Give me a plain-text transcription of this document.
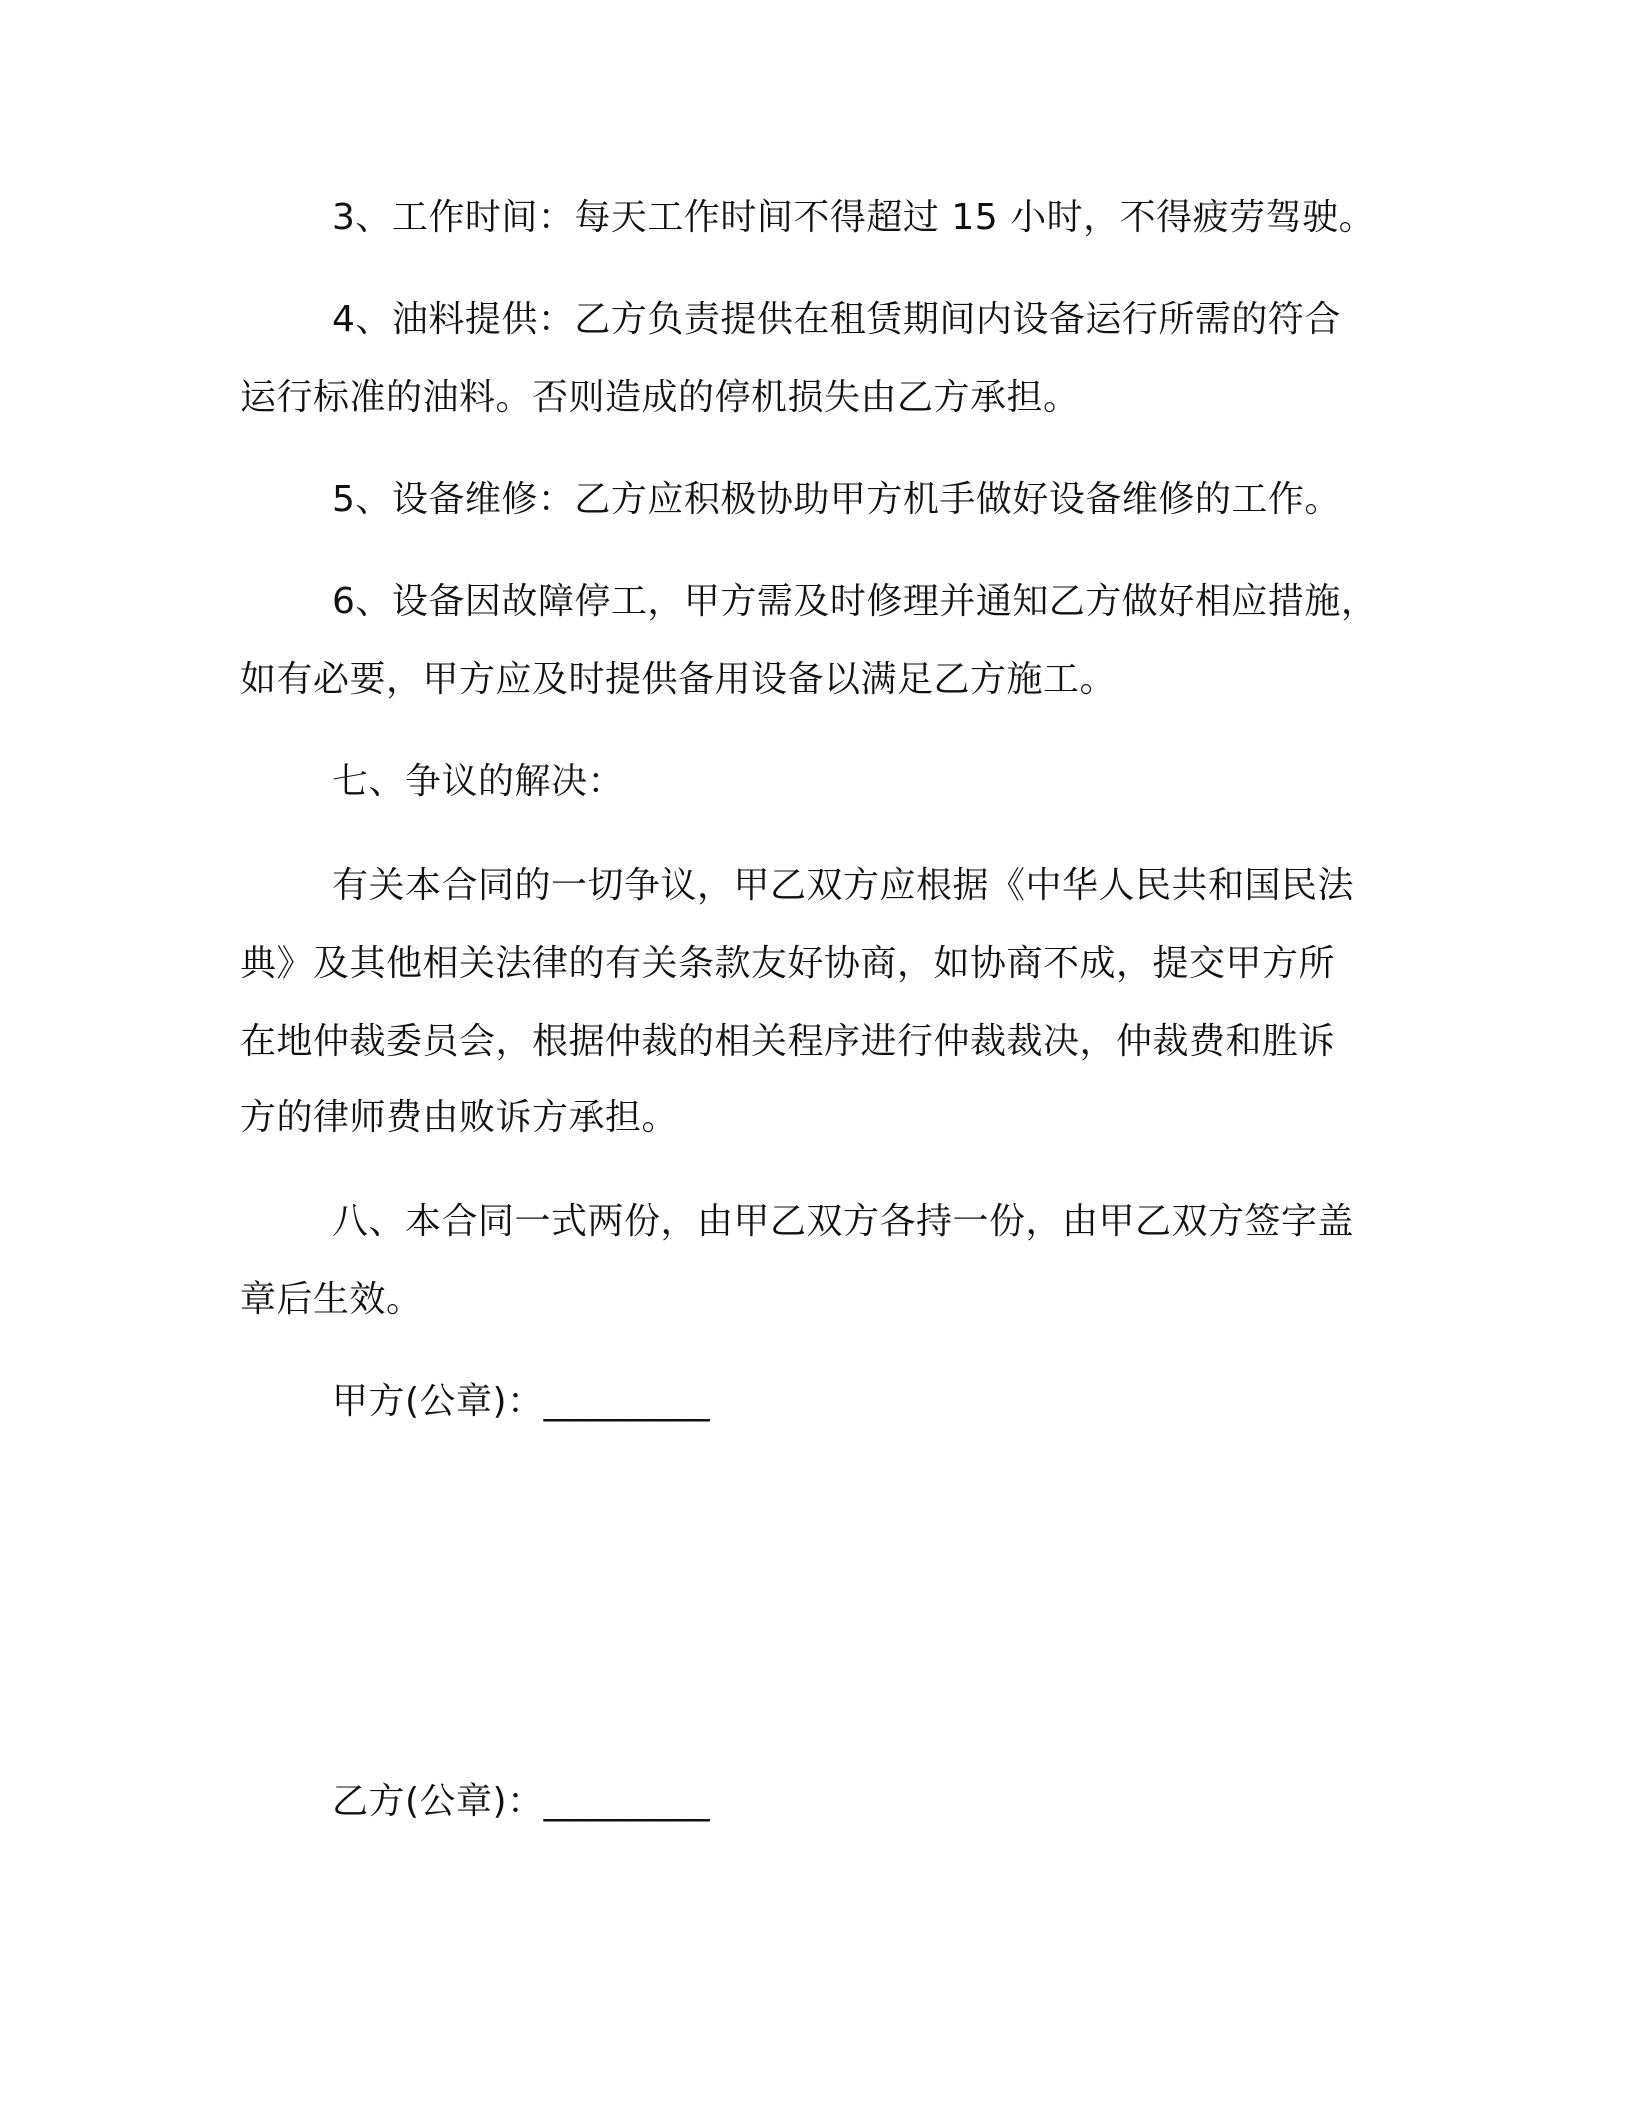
3、工作时间：每天工作时间不得超过 15 小时，不得疲劳驾驶。
4、油料提供：乙方负责提供在租赁期间内设备运行所需的符合
运行标准的油料。否则造成的停机损失由乙方承担。
5、设备维修：乙方应积极协助甲方机手做好设备维修的工作。
6、设备因故障停工，甲方需及时修理并通知乙方做好相应措施，
如有必要，甲方应及时提供备用设备以满足乙方施工。
七、争议的解决：
有关本合同的一切争议，甲乙双方应根据《中华人民共和国民法
典》及其他相关法律的有关条款友好协商，如协商不成，提交甲方所
在地仲裁委员会，根据仲裁的相关程序进行仲裁裁决，仲裁费和胜诉
方的律师费由败诉方承担。
八、本合同一式两份，由甲乙双方各持一份，由甲乙双方签字盖
章后生效。
甲方(公章)：_________
乙方(公章)：_________
